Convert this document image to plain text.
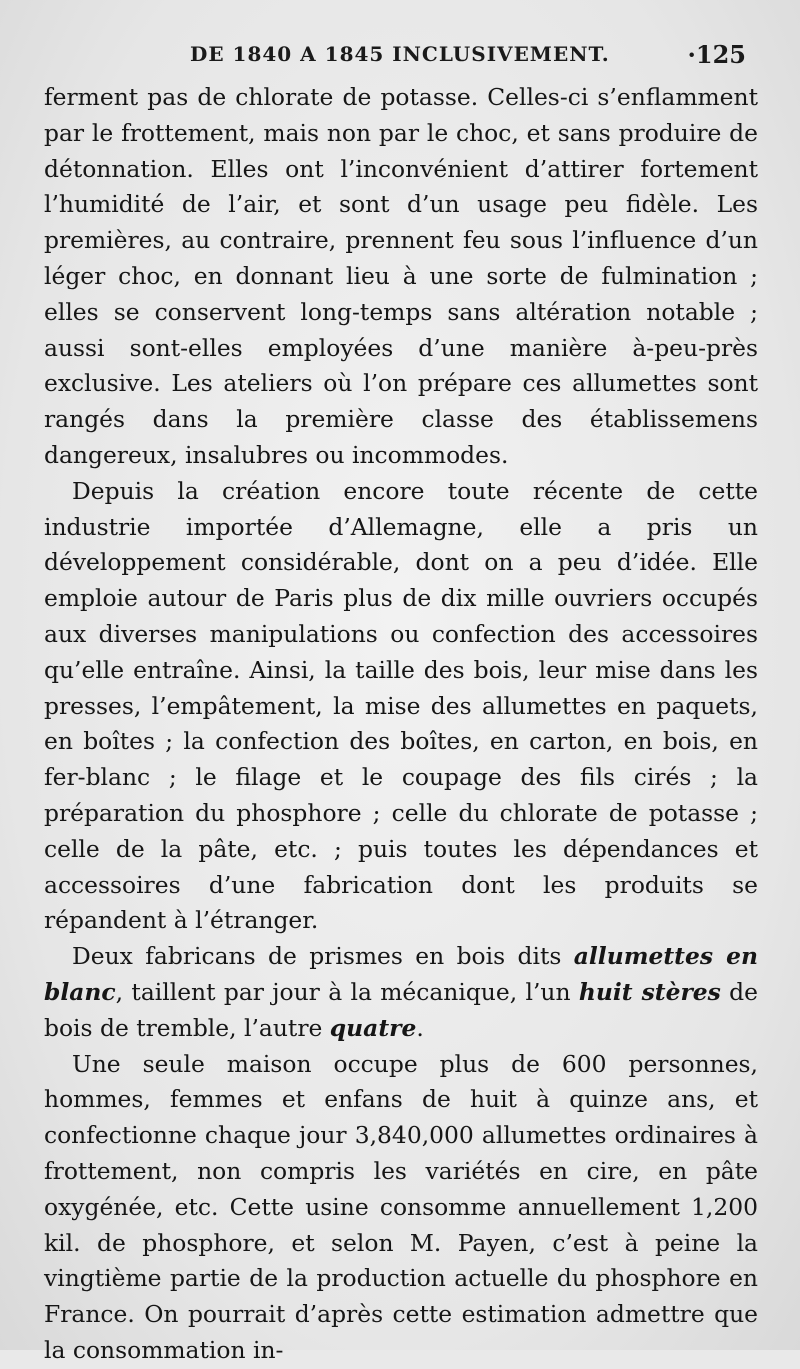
DE 1840 A 1845 INCLUSIVEMENT.	·125

ferment pas de chlorate de potasse. Celles-ci s’enflamment par le frottement, mais non par le choc, et sans produire de détonnation. Elles ont l’inconvénient d’attirer fortement l’humidité de l’air, et sont d’un usage peu fidèle. Les premières, au contraire, prennent feu sous l’influence d’un léger choc, en donnant lieu à une sorte de fulmination ; elles se conservent long-temps sans altération notable ; aussi sont-elles employées d’une manière à-peu-près exclusive. Les ateliers où l’on prépare ces allumettes sont rangés dans la première classe des établissemens dangereux, insalubres ou incommodes.

Depuis la création encore toute récente de cette industrie importée d’Allemagne, elle a pris un développement considérable, dont on a peu d’idée. Elle emploie autour de Paris plus de dix mille ouvriers occupés aux diverses manipulations ou confection des accessoires qu’elle entraîne. Ainsi, la taille des bois, leur mise dans les presses, l’empâtement, la mise des allumettes en paquets, en boîtes ; la confection des boîtes, en carton, en bois, en fer-blanc ; le filage et le coupage des fils cirés ; la préparation du phosphore ; celle du chlorate de potasse ; celle de la pâte, etc. ; puis toutes les dépendances et accessoires d’une fabrication dont les produits se répandent à l’étranger.

Deux fabricans de prismes en bois dits allumettes en blanc, taillent par jour à la mécanique, l’un huit stères de bois de tremble, l’autre quatre.

Une seule maison occupe plus de 600 personnes, hommes, femmes et enfans de huit à quinze ans, et confectionne chaque jour 3,840,000 allumettes ordinaires à frottement, non compris les variétés en cire, en pâte oxygénée, etc. Cette usine consomme annuellement 1,200 kil. de phosphore, et selon M. Payen, c’est à peine la vingtième partie de la production actuelle du phosphore en France. On pourrait d’après cette estimation admettre que la consommation in-
